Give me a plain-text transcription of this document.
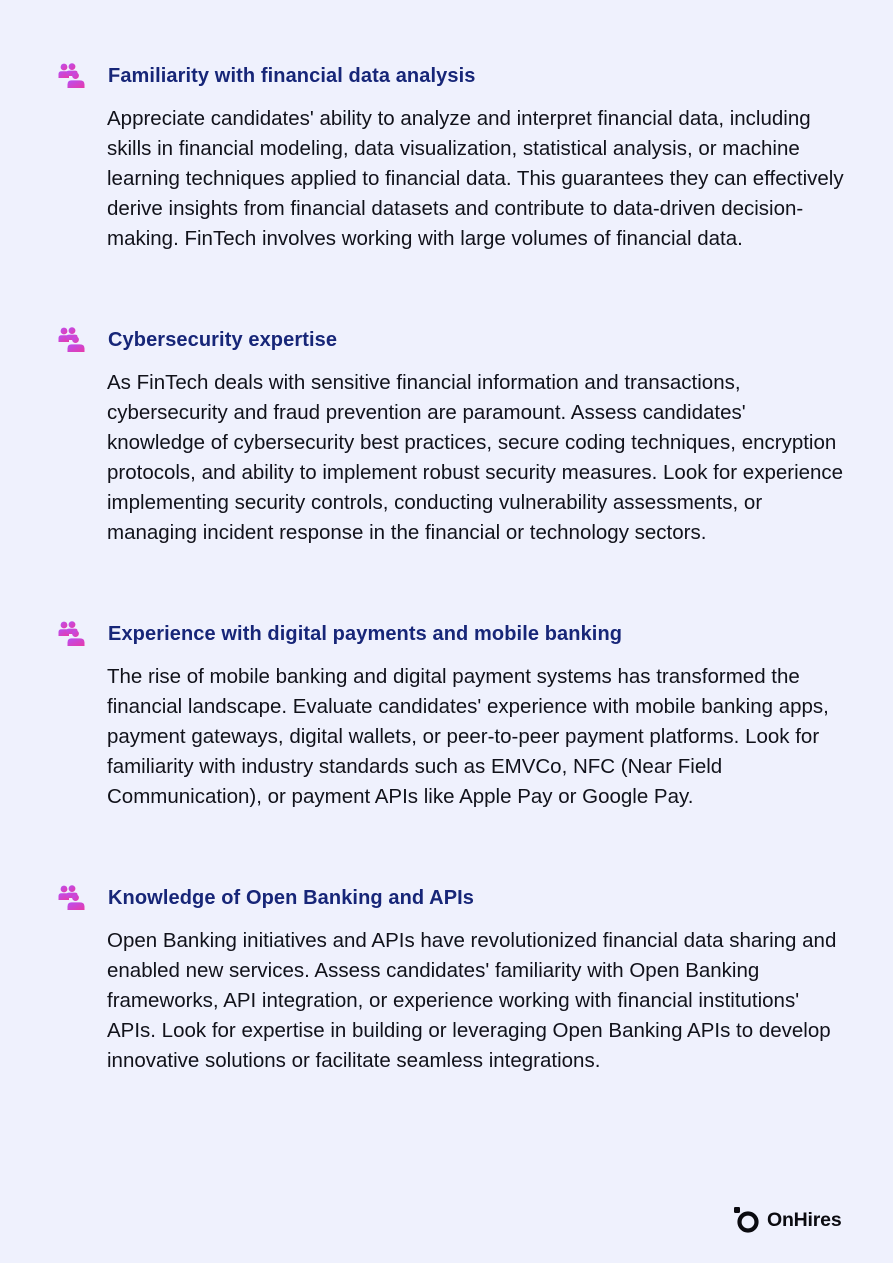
Familiarity with financial data analysis
Appreciate candidates' ability to analyze and interpret financial data, including skills in financial modeling, data visualization, statistical analysis, or machine learning techniques applied to financial data. This guarantees they can effectively derive insights from financial datasets and contribute to data-driven decision-making. FinTech involves working with large volumes of financial data.
Cybersecurity expertise
As FinTech deals with sensitive financial information and transactions, cybersecurity and fraud prevention are paramount. Assess candidates' knowledge of cybersecurity best practices, secure coding techniques, encryption protocols, and ability to implement robust security measures. Look for experience implementing security controls, conducting vulnerability assessments, or managing incident response in the financial or technology sectors.
Experience with digital payments and mobile banking
The rise of mobile banking and digital payment systems has transformed the financial landscape. Evaluate candidates' experience with mobile banking apps, payment gateways, digital wallets, or peer-to-peer payment platforms. Look for familiarity with industry standards such as EMVCo, NFC (Near Field Communication), or payment APIs like Apple Pay or Google Pay.
Knowledge of Open Banking and APIs
Open Banking initiatives and APIs have revolutionized financial data sharing and enabled new services. Assess candidates' familiarity with Open Banking frameworks, API integration, or experience working with financial institutions' APIs. Look for expertise in building or leveraging Open Banking APIs to develop innovative solutions or facilitate seamless integrations.
OnHires
